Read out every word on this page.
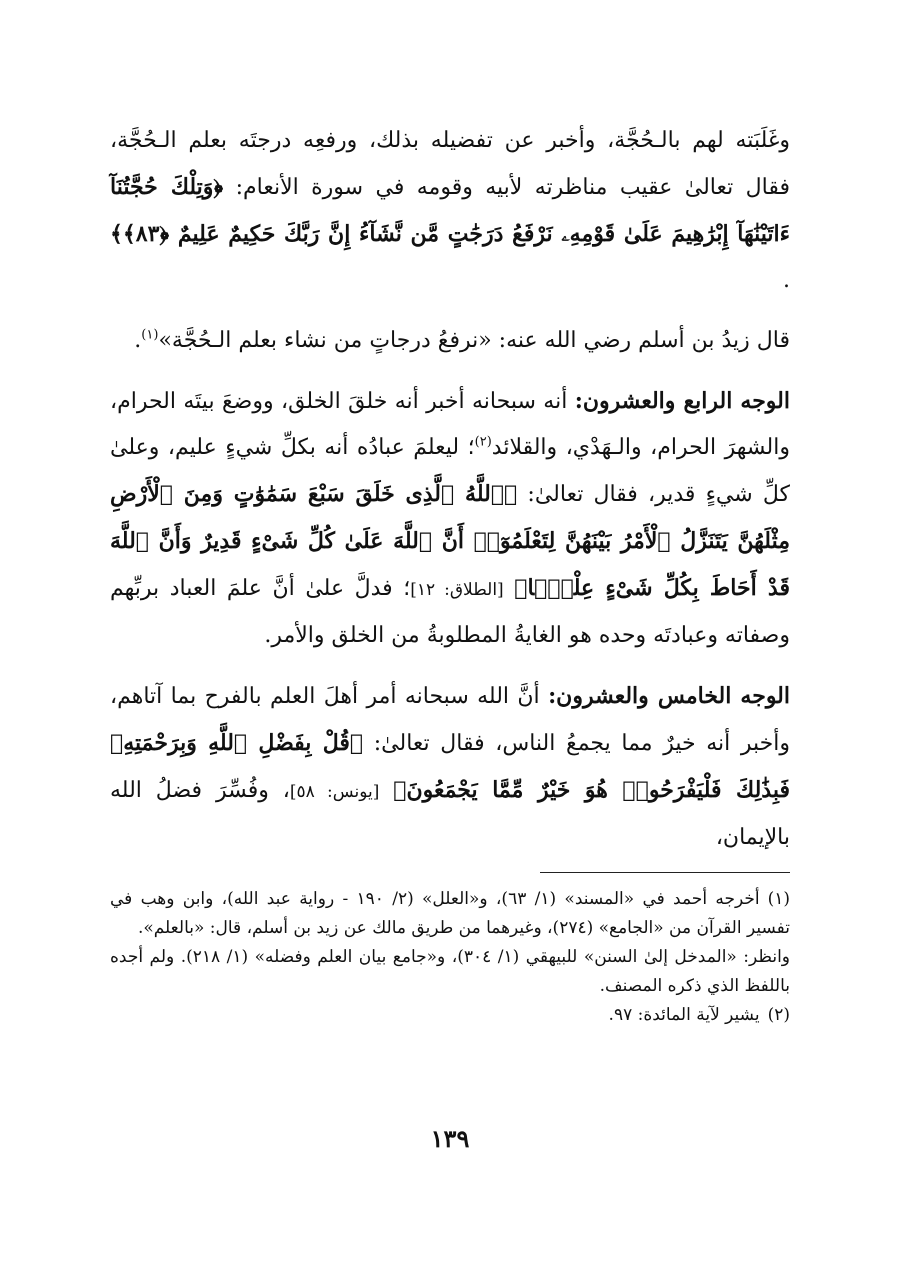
وغَلَبَته لهم بالـحُجَّة، وأخبر عن تفضيله بذلك، ورفعِه درجتَه بعلم الـحُجَّة، فقال تعالىٰ عقيب مناظرته لأبيه وقومه في سورة الأنعام: ﴿وَتِلْكَ حُجَّتُنَآ ءَاتَيْنَٰهَآ إِبْرَٰهِيمَ عَلَىٰ قَوْمِهِۦ نَرْفَعُ دَرَجَٰتٍ مَّن نَّشَآءُ إِنَّ رَبَّكَ حَكِيمٌ عَلِيمٌ ﴿٨٣﴾﴾ .

قال زيدُ بن أسلم رضي الله عنه: «نرفعُ درجاتٍ من نشاء بعلم الـحُجَّة»$^{(١)}$.

الوجه الرابع والعشرون: أنه سبحانه أخبر أنه خلقَ الخلق، ووضعَ بيتَه الحرام، والشهرَ الحرام، والـهَدْي، والقلائد$^{(٢)}$؛ ليعلمَ عبادُه أنه بكلِّ شيءٍ عليم، وعلىٰ كلِّ شيءٍ قدير، فقال تعالىٰ: ﴿ٱللَّهُ ٱلَّذِى خَلَقَ سَبْعَ سَمَٰوَٰتٍ وَمِنَ ٱلْأَرْضِ مِثْلَهُنَّ يَتَنَزَّلُ ٱلْأَمْرُ بَيْنَهُنَّ لِتَعْلَمُوٓا۟ أَنَّ ٱللَّهَ عَلَىٰ كُلِّ شَىْءٍ قَدِيرٌ وَأَنَّ ٱللَّهَ قَدْ أَحَاطَ بِكُلِّ شَىْءٍ عِلْمًۢا﴾ [الطلاق: ١٢]؛ فدلَّ علىٰ أنَّ علمَ العباد بربِّهم وصفاته وعبادتَه وحده هو الغايةُ المطلوبةُ من الخلق والأمر.

الوجه الخامس والعشرون: أنَّ الله سبحانه أمر أهلَ العلم بالفرح بما آتاهم، وأخبر أنه خيرٌ مما يجمعُ الناس، فقال تعالىٰ: ﴿قُلْ بِفَضْلِ ٱللَّهِ وَبِرَحْمَتِهِۦ فَبِذَٰلِكَ فَلْيَفْرَحُوا۟ هُوَ خَيْرٌ مِّمَّا يَجْمَعُونَ﴾ [يونس: ٥٨]، وفُسِّرَ فضلُ الله بالإيمان،

(١)أخرجه أحمد في «المسند» (١/ ٦٣)، و«العلل» (٢/ ١٩٠ - رواية عبد الله)، وابن وهب في تفسير القرآن من «الجامع» (٢٧٤)، وغيرهما من طريق مالك عن زيد بن أسلم، قال: «بالعلم».

وانظر: «المدخل إلىٰ السنن» للبيهقي (١/ ٣٠٤)، و«جامع بيان العلم وفضله» (١/ ٢١٨). ولم أجده باللفظ الذي ذكره المصنف.

(٢)يشير لآية المائدة: ٩٧.

١٣٩
